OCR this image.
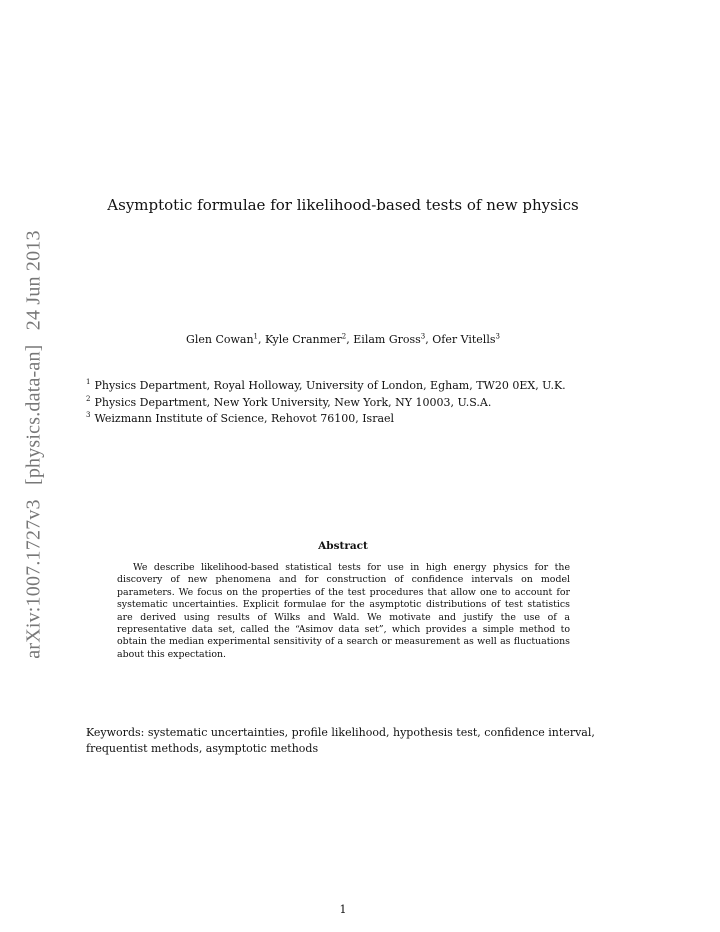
arXiv:1007.1727v3 [physics.data-an] 24 Jun 2013
Asymptotic formulae for likelihood-based tests of new physics
Glen Cowan$^1$, Kyle Cranmer$^2$, Eilam Gross$^3$, Ofer Vitells$^3$
$^1$ Physics Department, Royal Holloway, University of London, Egham, TW20 0EX, U.K.
$^2$ Physics Department, New York University, New York, NY 10003, U.S.A.
$^3$ Weizmann Institute of Science, Rehovot 76100, Israel
Abstract
We describe likelihood-based statistical tests for use in high energy physics for the discovery of new phenomena and for construction of confidence intervals on model parameters. We focus on the properties of the test procedures that allow one to account for systematic uncertainties. Explicit formulae for the asymptotic distributions of test statistics are derived using results of Wilks and Wald. We motivate and justify the use of a representative data set, called the “Asimov data set”, which provides a simple method to obtain the median experimental sensitivity of a search or measurement as well as fluctuations about this expectation.
Keywords: systematic uncertainties, profile likelihood, hypothesis test, confidence interval, frequentist methods, asymptotic methods
1
